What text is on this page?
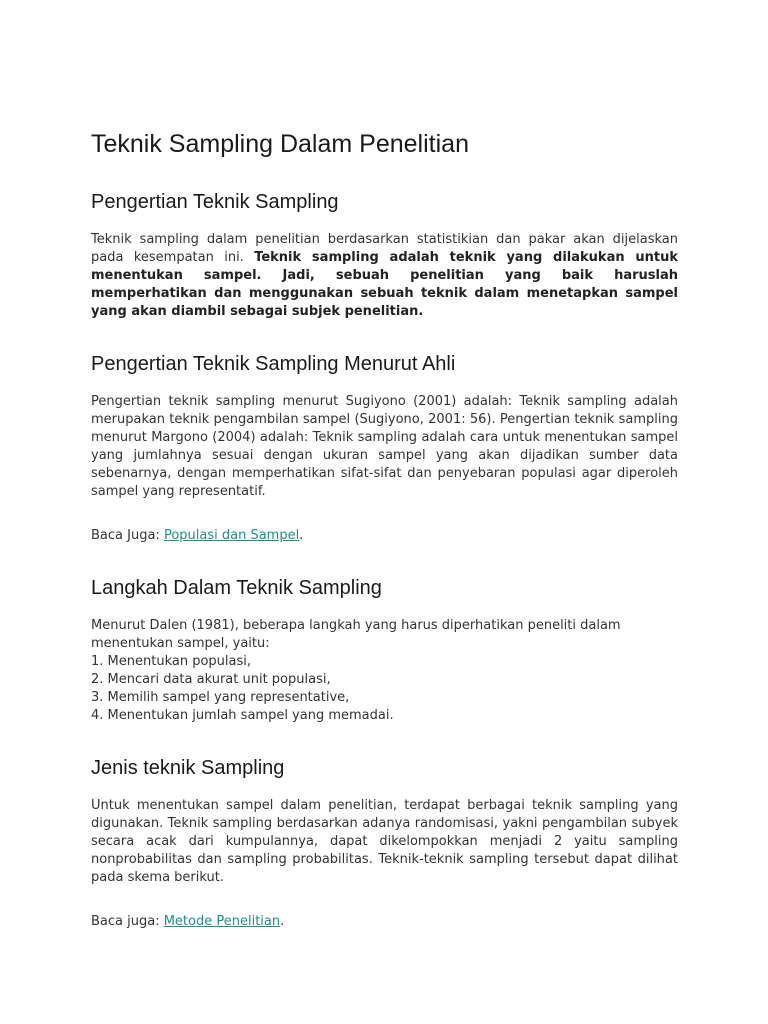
Teknik Sampling Dalam Penelitian
Pengertian Teknik Sampling

Teknik sampling dalam penelitian berdasarkan statistikian dan pakar akan dijelaskan pada kesempatan ini. Teknik sampling adalah teknik yang dilakukan untuk menentukan sampel. Jadi, sebuah penelitian yang baik haruslah memperhatikan dan menggunakan sebuah teknik dalam menetapkan sampel yang akan diambil sebagai subjek penelitian.

Pengertian Teknik Sampling Menurut Ahli

Pengertian teknik sampling menurut Sugiyono (2001) adalah: Teknik sampling adalah merupakan teknik pengambilan sampel (Sugiyono, 2001: 56). Pengertian teknik sampling menurut Margono (2004) adalah: Teknik sampling adalah cara untuk menentukan sampel yang jumlahnya sesuai dengan ukuran sampel yang akan dijadikan sumber data sebenarnya, dengan memperhatikan sifat-sifat dan penyebaran populasi agar diperoleh sampel yang representatif.

Baca Juga: Populasi dan Sampel.

Langkah Dalam Teknik Sampling

Menurut Dalen (1981), beberapa langkah yang harus diperhatikan peneliti dalam menentukan sampel, yaitu:

1. Menentukan populasi,
2. Mencari data akurat unit populasi,
3. Memilih sampel yang representative,
4. Menentukan jumlah sampel yang memadai.
Jenis teknik Sampling

Untuk menentukan sampel dalam penelitian, terdapat berbagai teknik sampling yang digunakan. Teknik sampling berdasarkan adanya randomisasi, yakni pengambilan subyek secara acak dari kumpulannya, dapat dikelompokkan menjadi 2 yaitu sampling nonprobabilitas dan sampling probabilitas. Teknik-teknik sampling tersebut dapat dilihat pada skema berikut.

Baca juga: Metode Penelitian.
